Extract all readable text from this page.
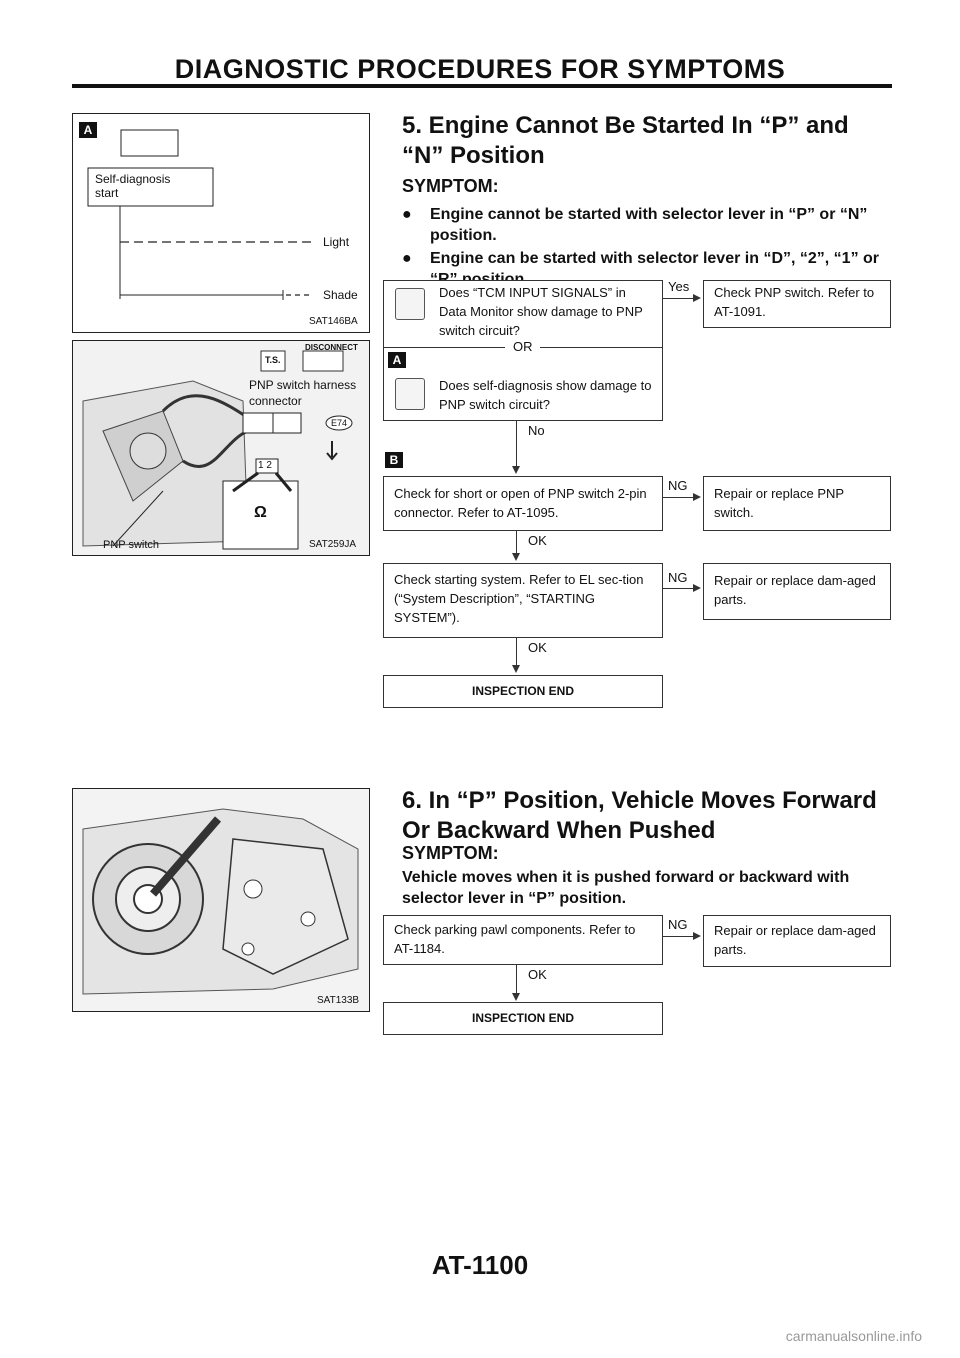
DIAGNOSTIC PROCEDURES FOR SYMPTOMS
A
Self-diagnosis start
Light
Shade
SAT146BA
DISCONNECT
T.S.
PNP switch harness connector
E74
1 2
Ω
PNP switch	SAT259JA
SAT133B
5. Engine Cannot Be Started In “P” and “N” Position
SYMPTOM:
● Engine cannot be started with selector lever in “P” or “N” position.
● Engine can be started with selector lever in “D”, “2”, “1” or
Does “TCM INPUT SIGNALS” in Data Monitor show damage to PNP switch circuit?
OR
A
Does self-diagnosis show damage to PNP switch circuit?
Yes Check PNP switch. Refer to AT-1091.
No
B
Check for short or open of PNP switch 2-pin connector. Refer to AT-1095.
NG
Repair or replace PNP switch.
OK
Check starting system. Refer to EL sec-tion (“System Description”, “STARTING SYSTEM”).
NG Repair or replace dam-aged parts.
OK
INSPECTION END
6. In “P” Position, Vehicle Moves Forward Or Backward When Pushed
SYMPTOM:
Vehicle moves when it is pushed forward or backward with selector lever in “P” position.
Check parking pawl components. Refer to AT-1184.
NG Repair or replace dam-aged parts.
OK
INSPECTION END
AT-1100
carmanualsonline.info
